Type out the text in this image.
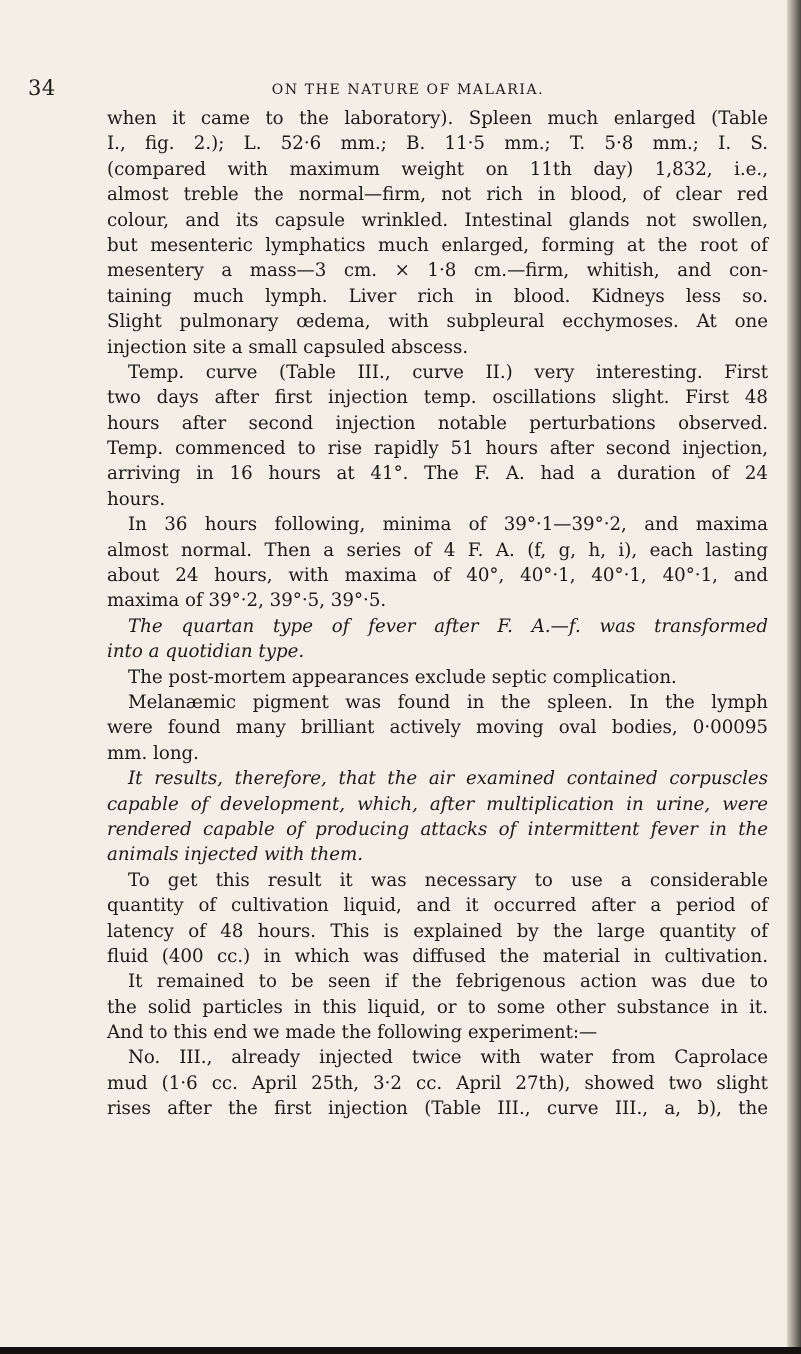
34	ON THE NATURE OF MALARIA.
when it came to the laboratory). Spleen much enlarged (Table
I., fig. 2.); L. 52·6 mm.; B. 11·5 mm.; T. 5·8 mm.; I. S.
(compared with maximum weight on 11th day) 1,832, i.e.,
almost treble the normal—firm, not rich in blood, of clear red
colour, and its capsule wrinkled. Intestinal glands not swollen,
but mesenteric lymphatics much enlarged, forming at the root of
mesentery a mass—3 cm. × 1·8 cm.—firm, whitish, and con-
taining much lymph. Liver rich in blood. Kidneys less so.
Slight pulmonary œdema, with subpleural ecchymoses. At one
injection site a small capsuled abscess.
Temp. curve (Table III., curve II.) very interesting. First
two days after first injection temp. oscillations slight. First 48
hours after second injection notable perturbations observed.
Temp. commenced to rise rapidly 51 hours after second injection,
arriving in 16 hours at 41°. The F. A. had a duration of 24
hours.
In 36 hours following, minima of 39°·1—39°·2, and maxima
almost normal. Then a series of 4 F. A. (f, g, h, i), each lasting
about 24 hours, with maxima of 40°, 40°·1, 40°·1, 40°·1, and
maxima of 39°·2, 39°·5, 39°·5.
The quartan type of fever after F. A.—f. was transformed
into a quotidian type.
The post-mortem appearances exclude septic complication.
Melanæmic pigment was found in the spleen. In the lymph
were found many brilliant actively moving oval bodies, 0·00095
mm. long.
It results, therefore, that the air examined contained corpuscles
capable of development, which, after multiplication in urine, were
rendered capable of producing attacks of intermittent fever in the
animals injected with them.
To get this result it was necessary to use a considerable
quantity of cultivation liquid, and it occurred after a period of
latency of 48 hours. This is explained by the large quantity of
fluid (400 cc.) in which was diffused the material in cultivation.
It remained to be seen if the febrigenous action was due to
the solid particles in this liquid, or to some other substance in it.
And to this end we made the following experiment:—
No. III., already injected twice with water from Caprolace
mud (1·6 cc. April 25th, 3·2 cc. April 27th), showed two slight
rises after the first injection (Table III., curve III., a, b), the
